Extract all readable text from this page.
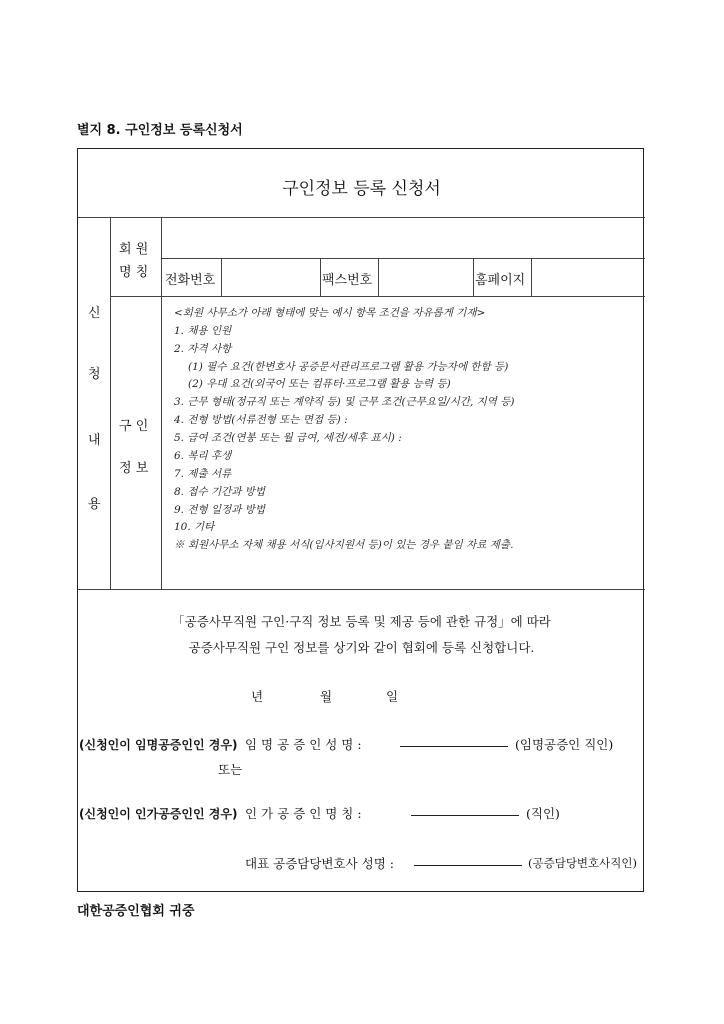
별지 8. 구인정보 등록신청서
구인정보 등록 신청서
신
청
내
용
회 원
명 칭
전화번호	팩스번호	홈페이지
구 인
정 보
<회원 사무소가 아래 형태에 맞는 예시 항목 조건을 자유롭게 기재>
1. 채용 인원
2. 자격 사항
(1) 필수 요건(한변호사 공증문서관리프로그램 활용 가능자에 한함 등)
(2) 우대 요건(외국어 또는 컴퓨터·프로그램 활용 능력 등)
3. 근무 형태(정규직 또는 계약직 등) 및 근무 조건(근무요일/시간, 지역 등)
4. 전형 방법(서류전형 또는 면접 등) :
5. 급여 조건(연봉 또는 월 급여, 세전/세후 표시) :
6. 복리 후생
7. 제출 서류
8. 접수 기간과 방법
9. 전형 일정과 방법
10. 기타
※ 회원사무소 자체 채용 서식(입사지원서 등)이 있는 경우 붙임 자료 제출.
「공증사무직원 구인·구직 정보 등록 및 제공 등에 관한 규정」에 따라
공증사무직원 구인 정보를 상기와 같이 협회에 등록 신청합니다.
년	월	일
(신청인이 임명공증인인 경우) 임 명 공 증 인 성 명 :	(임명공증인 직인)
또는
(신청인이 인가공증인인 경우) 인 가 공 증 인 명 칭 :	(직인)
대표 공증담당변호사 성명 :	(공증담당변호사직인)
대한공증인협회 귀중
